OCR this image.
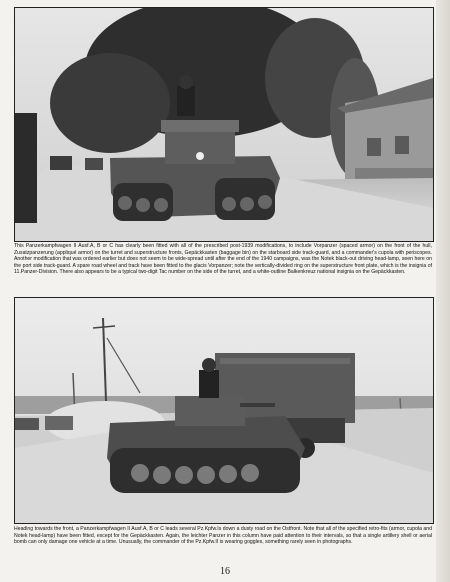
This Panzerkampfwagen II Ausf.A, B or C has clearly been fitted with all of the prescribed post-1939 modifications, to include Vorpanzer (spaced armor) on the front of the hull, Zusatzpanzerung (appliqué armor) on the turret and superstructure fronts, Gepäckkasten (baggage bin) on the starboard side track-guard, and a commander's cupola with periscopes. Another modification that was ordered earlier but does not seem to be wide-spread until after the end of the 1940 campaigns, was the Notek black-out driving head-lamp, seen here on the port side track-guard. A spare road wheel and track have been fitted to the glacis Vorpanzer; note the vertically-divided ring on the superstructure front plate, which is the insignia of 11.Panzer-Division. There also appears to be a typical two-digit Tac number on the side of the turret, and a white-outline Balkenkreuz national insignia on the Gepäckkasten.

Heading towards the front, a Panzerkampfwagen II Ausf.A, B or C leads several Pz.Kpfw.Is down a dusty road on the Ostfront. Note that all of the specified retro-fits (armor, cupola and Notek head-lamp) have been fitted, except for the Gepäckkasten. Again, the leichter Panzer in this column have paid attention to their intervals, so that a single artillery shell or aerial bomb can only damage one vehicle at a time. Unusually, the commander of the Pz.Kpfw.II is wearing goggles, something rarely seen in photographs.

16
